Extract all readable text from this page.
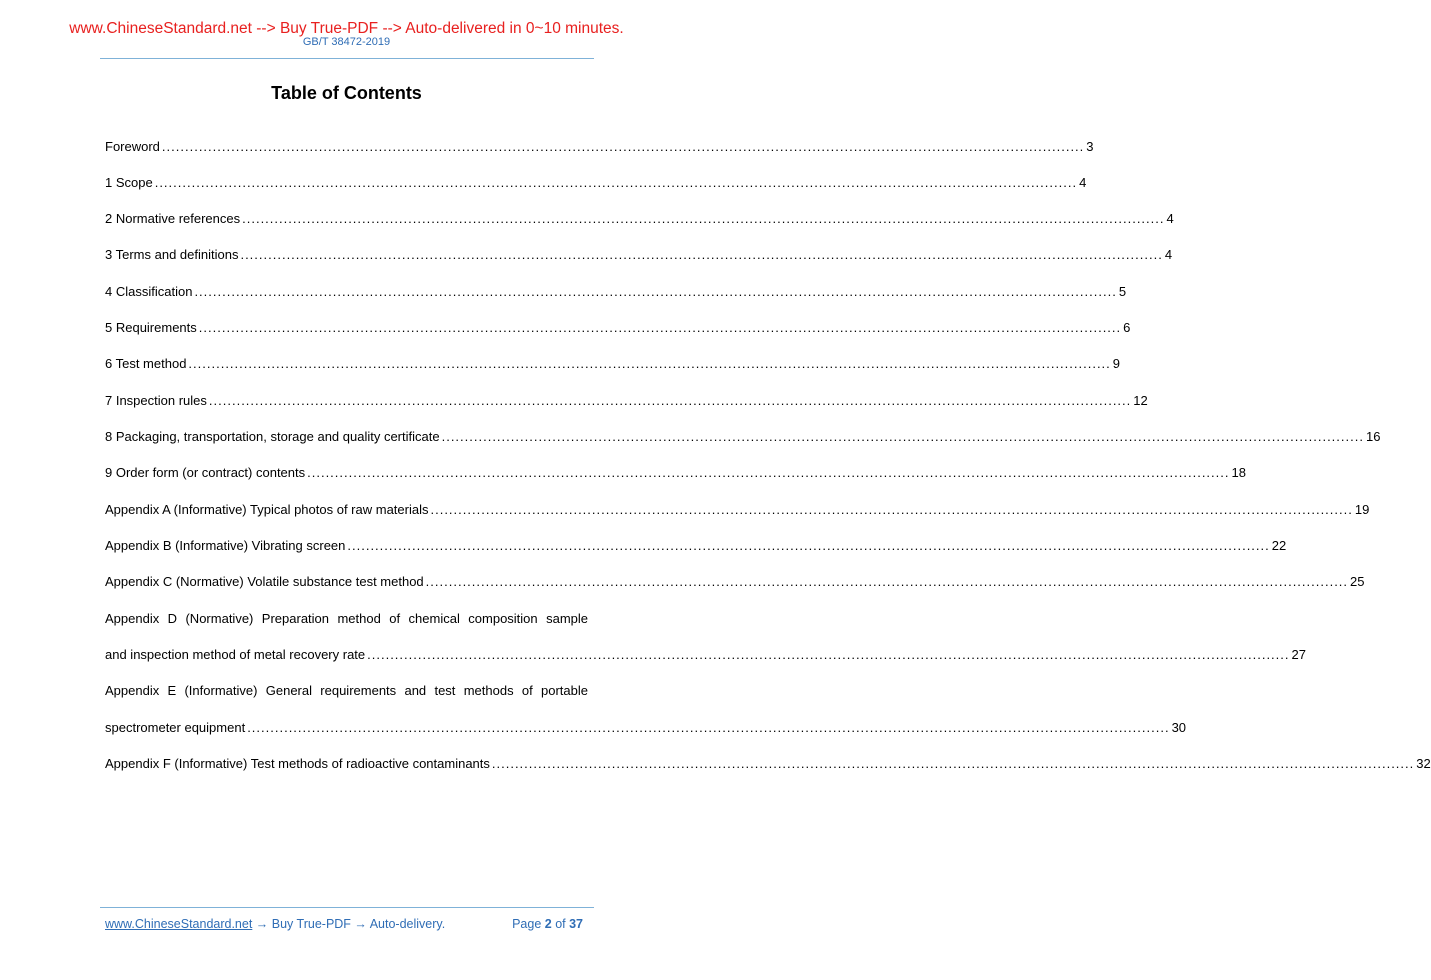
www.ChineseStandard.net --> Buy True-PDF --> Auto-delivered in 0~10 minutes.
GB/T 38472-2019
Table of Contents
Foreword ........................................................................................................................................................................................................ 3
1 Scope ........................................................................................................................................................................................................ 4
2 Normative references ........................................................................................................................................................................................................ 4
3 Terms and definitions ........................................................................................................................................................................................................ 4
4 Classification ........................................................................................................................................................................................................ 5
5 Requirements ........................................................................................................................................................................................................ 6
6 Test method ........................................................................................................................................................................................................ 9
7 Inspection rules ........................................................................................................................................................................................................ 12
8 Packaging, transportation, storage and quality certificate ........................................................................................................................................................................................................ 16
9 Order form (or contract) contents ........................................................................................................................................................................................................ 18
Appendix A (Informative) Typical photos of raw materials ........................................................................................................................................................................................................ 19
Appendix B (Informative) Vibrating screen ........................................................................................................................................................................................................ 22
Appendix C (Normative) Volatile substance test method ........................................................................................................................................................................................................ 25
Appendix D (Normative) Preparation method of chemical composition sample
and inspection method of metal recovery rate ........................................................................................................................................................................................................ 27
Appendix E (Informative) General requirements and test methods of portable
spectrometer equipment ........................................................................................................................................................................................................ 30
Appendix F (Informative) Test methods of radioactive contaminants ........................................................................................................................................................................................................ 32
www.ChineseStandard.net → Buy True-PDF → Auto-delivery.	Page 2 of 37
